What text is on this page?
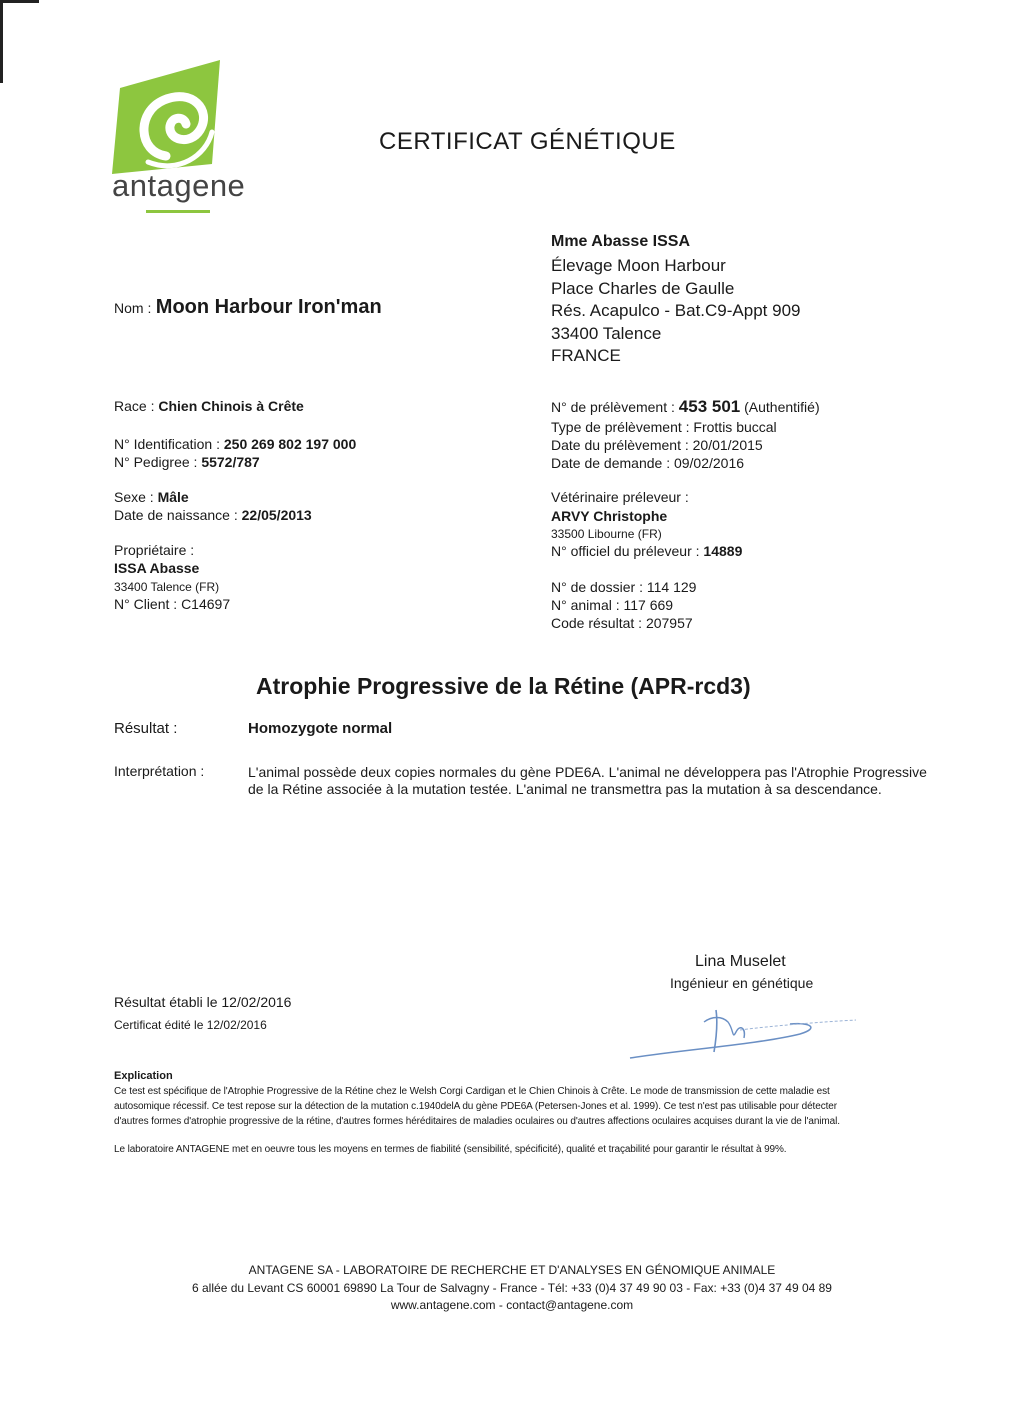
antagene
CERTIFICAT GÉNÉTIQUE
Mme Abasse ISSA
Élevage Moon Harbour
Place Charles de Gaulle
Rés. Acapulco - Bat.C9-Appt 909
33400 Talence
FRANCE
Nom : Moon Harbour Iron'man
Race : Chien Chinois à Crête
N° Identification : 250 269 802 197 000
N° Pedigree : 5572/787
Sexe : Mâle
Date de naissance : 22/05/2013
Propriétaire :
ISSA Abasse
33400 Talence (FR)
N° Client : C14697
N° de prélèvement : 453 501 (Authentifié)
Type de prélèvement : Frottis buccal
Date du prélèvement : 20/01/2015
Date de demande : 09/02/2016
Vétérinaire préleveur :
ARVY Christophe
33500 Libourne (FR)
N° officiel du préleveur : 14889
N° de dossier : 114 129
N° animal : 117 669
Code résultat : 207957
Atrophie Progressive de la Rétine (APR-rcd3)
Résultat :	Homozygote normal
Interprétation :	L'animal possède deux copies normales du gène PDE6A. L'animal ne développera pas l'Atrophie Progressive
de la Rétine associée à la mutation testée. L'animal ne transmettra pas la mutation à sa descendance.
Lina Muselet
Ingénieur en génétique
Résultat établi le 12/02/2016
Certificat édité le 12/02/2016
Explication
Ce test est spécifique de l'Atrophie Progressive de la Rétine chez le Welsh Corgi Cardigan et le Chien Chinois à Crête. Le mode de transmission de cette maladie est
autosomique récessif. Ce test repose sur la détection de la mutation c.1940delA du gène PDE6A (Petersen-Jones et al. 1999). Ce test n'est pas utilisable pour détecter
d'autres formes d'atrophie progressive de la rétine, d'autres formes héréditaires de maladies oculaires ou d'autres affections oculaires acquises durant la vie de l'animal.
Le laboratoire ANTAGENE met en oeuvre tous les moyens en termes de fiabilité (sensibilité, spécificité), qualité et traçabilité pour garantir le résultat à 99%.
ANTAGENE SA - LABORATOIRE DE RECHERCHE ET D'ANALYSES EN GÉNOMIQUE ANIMALE
6 allée du Levant CS 60001 69890 La Tour de Salvagny - France - Tél: +33 (0)4 37 49 90 03 - Fax: +33 (0)4 37 49 04 89
www.antagene.com - contact@antagene.com
